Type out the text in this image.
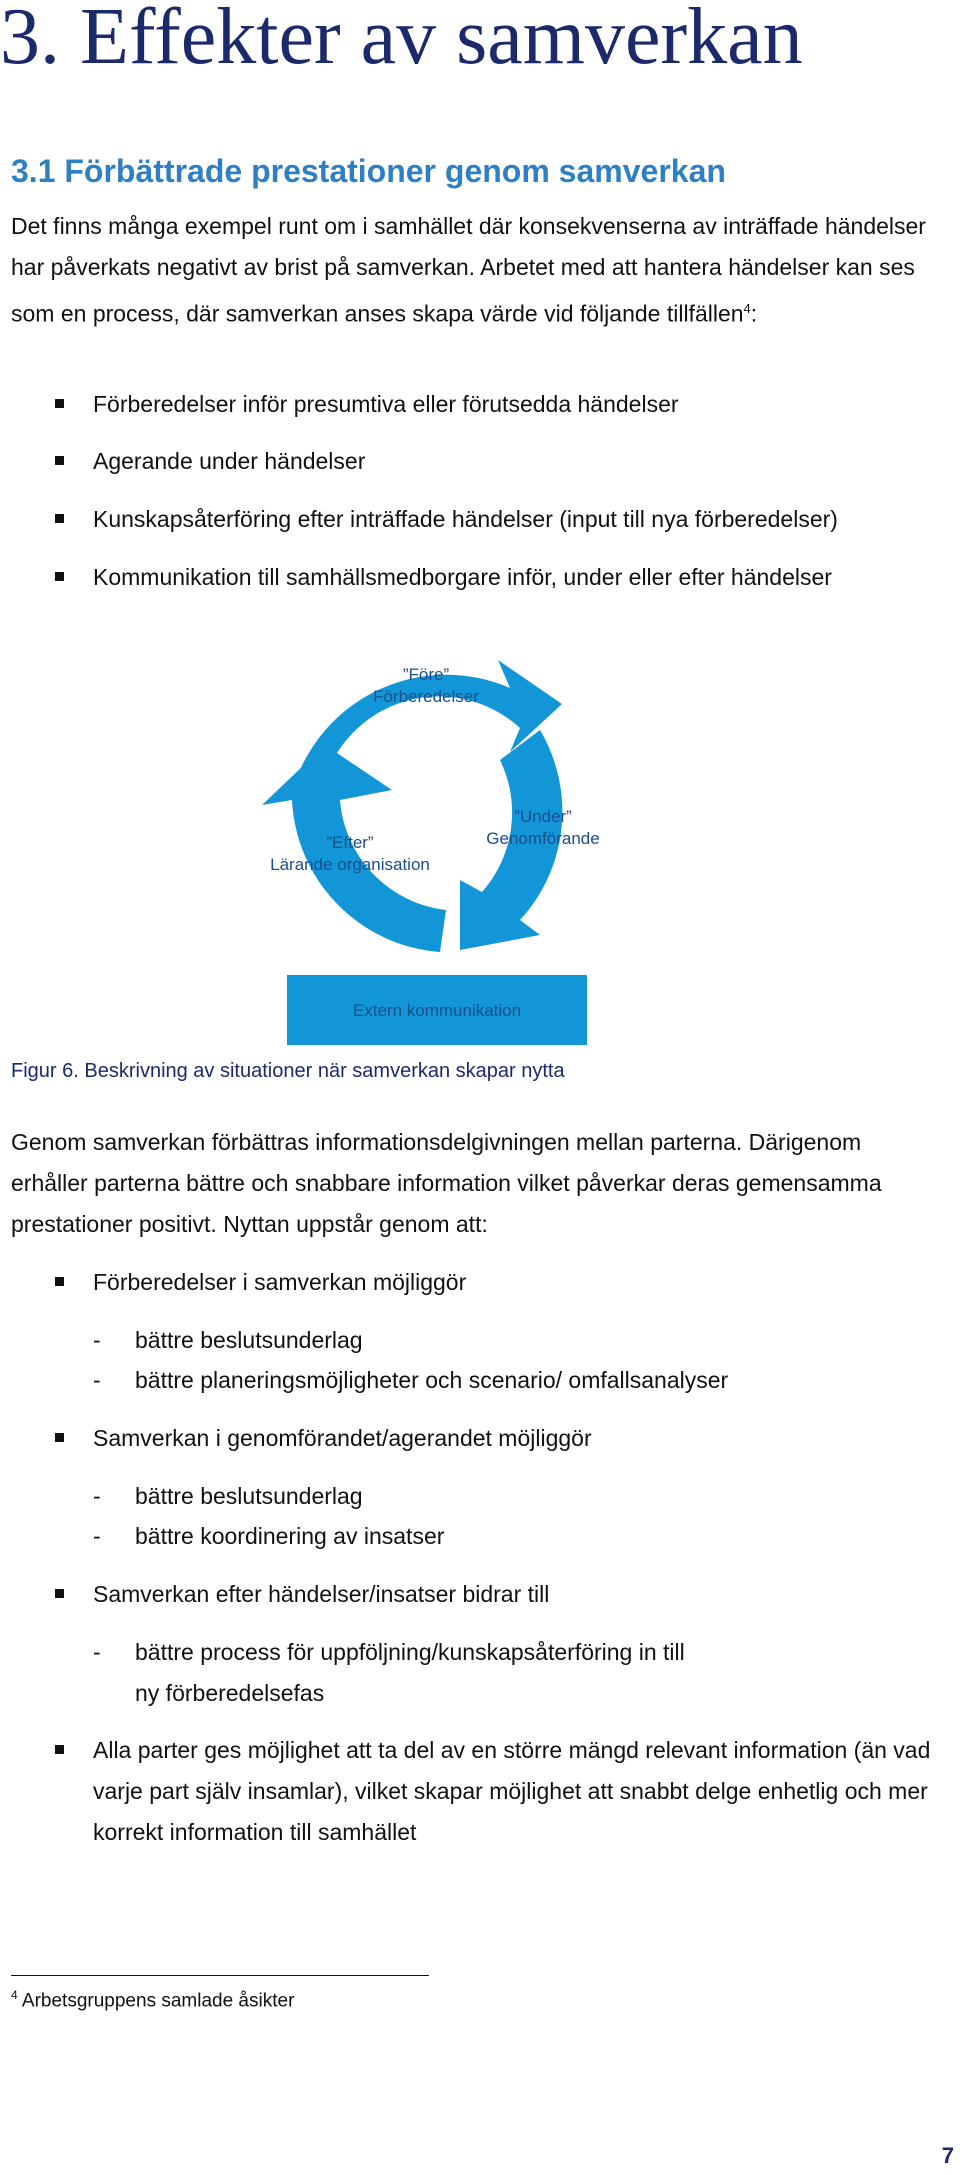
3. Effekter av samverkan
3.1 Förbättrade prestationer genom samverkan

Det finns många exempel runt om i samhället där konsekvenserna av inträffade händelser har påverkats negativt av brist på samverkan. Arbetet med att hantera händelser kan ses som en process, där samverkan anses skapa värde vid följande tillfällen$^4$:

Förberedelser inför presumtiva eller förutsedda händelser
Agerande under händelser
Kunskapsåterföring efter inträffade händelser (input till nya förberedelser)
Kommunikation till samhällsmedborgare inför, under eller efter händelser
”Före”
Förberedelser
”Under”
Genomförande
”Efter”
Lärande organisation
Extern kommunikation
Figur 6. Beskrivning av situationer när samverkan skapar nytta

Genom samverkan förbättras informationsdelgivningen mellan parterna. Därigenom erhåller parterna bättre och snabbare information vilket påverkar deras gemensamma prestationer positivt. Nyttan uppstår genom att:

Förberedelser i samverkan möjliggör
- bättre beslutsunderlag
- bättre planeringsmöjligheter och scenario/ omfallsanalyser
Samverkan i genomförandet/agerandet möjliggör
- bättre beslutsunderlag
- bättre koordinering av insatser
Samverkan efter händelser/insatser bidrar till
- bättre process för uppföljning/kunskapsåterföring in till ny förberedelsefas
Alla parter ges möjlighet att ta del av en större mängd relevant information (än vad varje part själv insamlar), vilket skapar möjlighet att snabbt delge enhetlig och mer korrekt information till samhället
$^4$ Arbetsgruppens samlade åsikter
7
